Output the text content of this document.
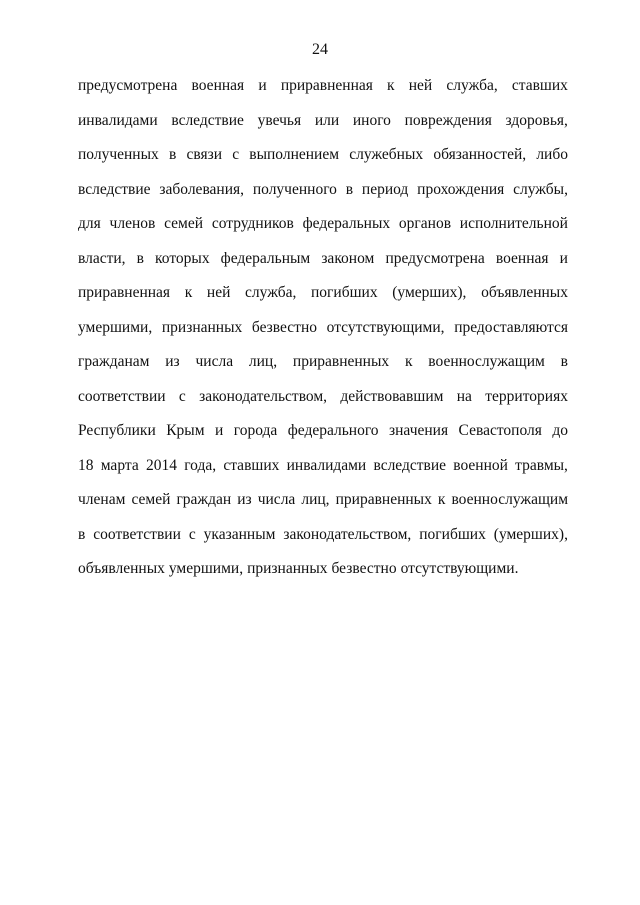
24
предусмотрена военная и приравненная к ней служба, ставших
инвалидами вследствие увечья или иного повреждения здоровья,
полученных в связи с выполнением служебных обязанностей, либо
вследствие заболевания, полученного в период прохождения службы,
для членов семей сотрудников федеральных органов исполнительной
власти, в которых федеральным законом предусмотрена военная и
приравненная к ней служба, погибших (умерших), объявленных
умершими, признанных безвестно отсутствующими, предоставляются
гражданам из числа лиц, приравненных к военнослужащим в
соответствии с законодательством, действовавшим на территориях
Республики Крым и города федерального значения Севастополя до
18 марта 2014 года, ставших инвалидами вследствие военной травмы,
членам семей граждан из числа лиц, приравненных к военнослужащим
в соответствии с указанным законодательством, погибших (умерших),
объявленных умершими, признанных безвестно отсутствующими.
